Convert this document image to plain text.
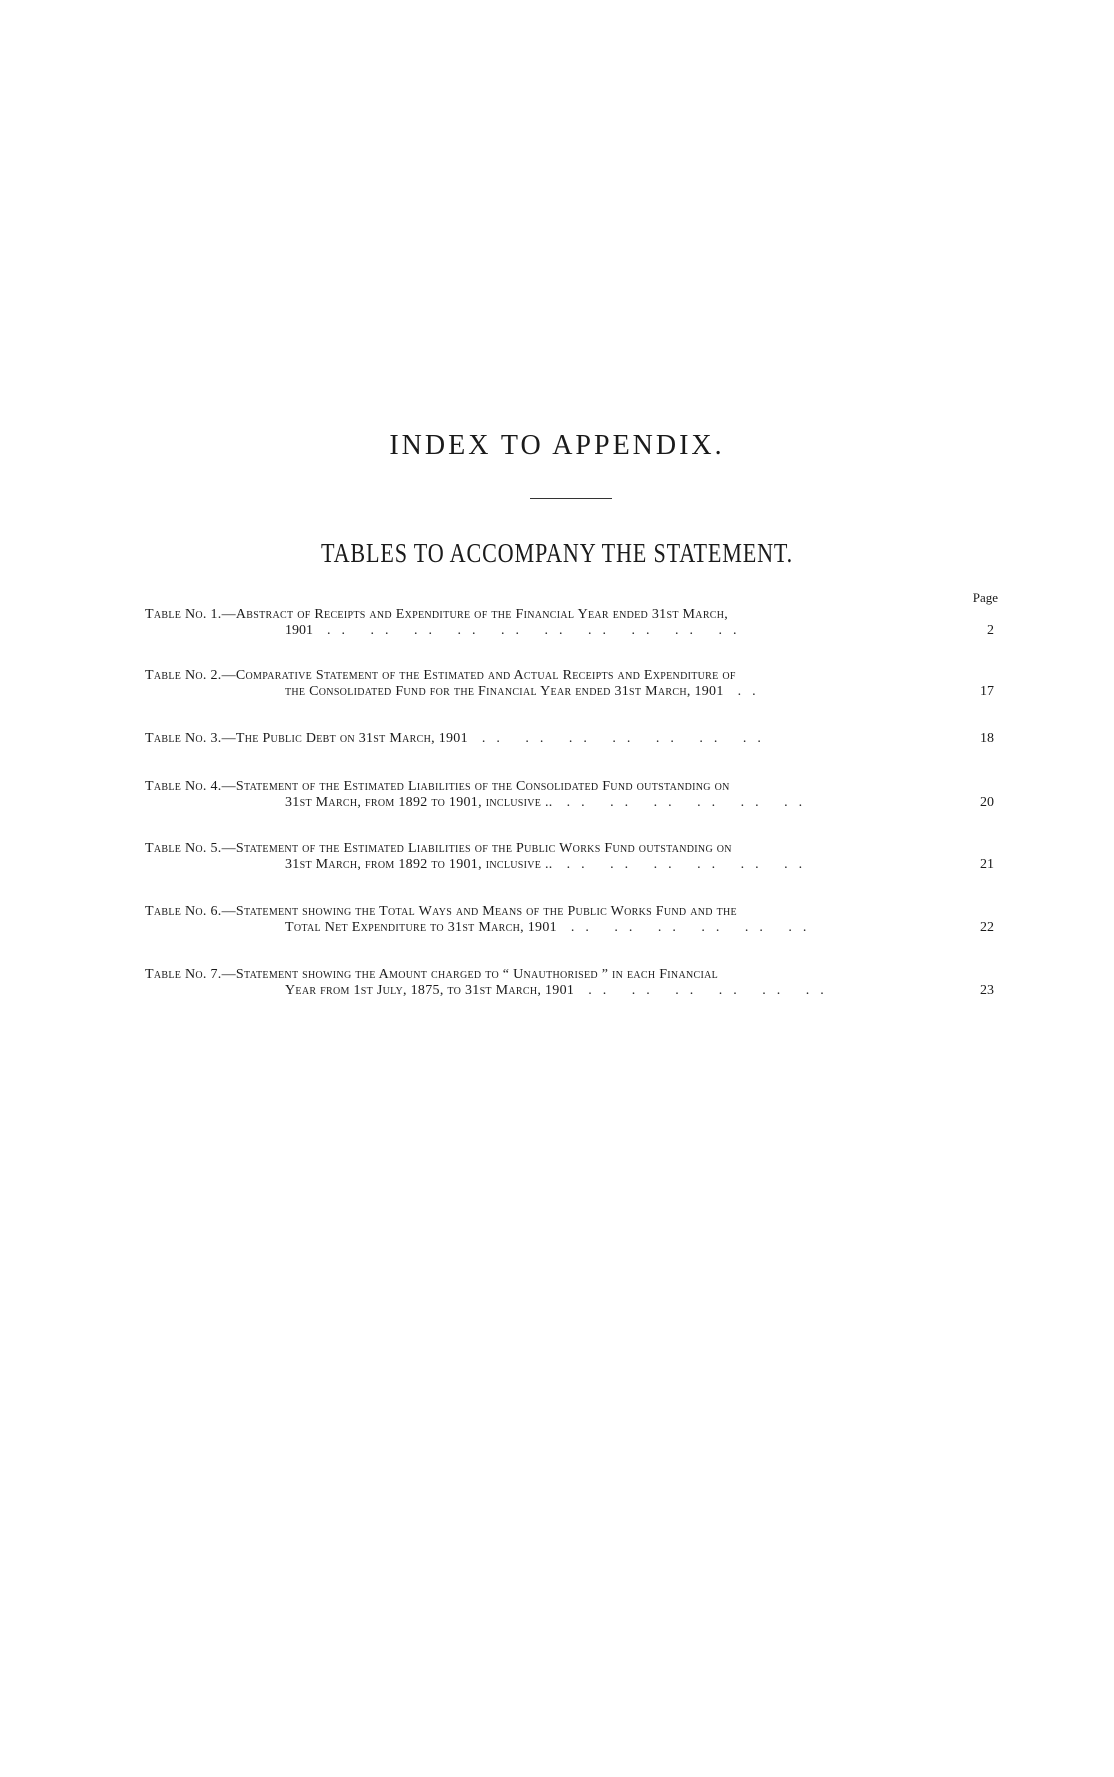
INDEX TO APPENDIX.
TABLES TO ACCOMPANY THE STATEMENT.
Page
Table No. 1.—Abstract of Receipts and Expenditure of the Financial Year ended 31st March,
1901 .. .. .. .. .. .. .. .. .. ..	2
Table No. 2.—Comparative Statement of the Estimated and Actual Receipts and Expenditure of
the Consolidated Fund for the Financial Year ended 31st March, 1901 ..	17
Table No. 3.—The Public Debt on 31st March, 1901 .. .. .. .. .. .. ..	18
Table No. 4.—Statement of the Estimated Liabilities of the Consolidated Fund outstanding on
31st March, from 1892 to 1901, inclusive .. .. .. .. .. .. ..	20
Table No. 5.—Statement of the Estimated Liabilities of the Public Works Fund outstanding on
31st March, from 1892 to 1901, inclusive .. .. .. .. .. .. ..	21
Table No. 6.—Statement showing the Total Ways and Means of the Public Works Fund and the
Total Net Expenditure to 31st March, 1901 .. .. .. .. .. ..	22
Table No. 7.—Statement showing the Amount charged to “ Unauthorised ” in each Financial
Year from 1st July, 1875, to 31st March, 1901 .. .. .. .. .. ..	23
